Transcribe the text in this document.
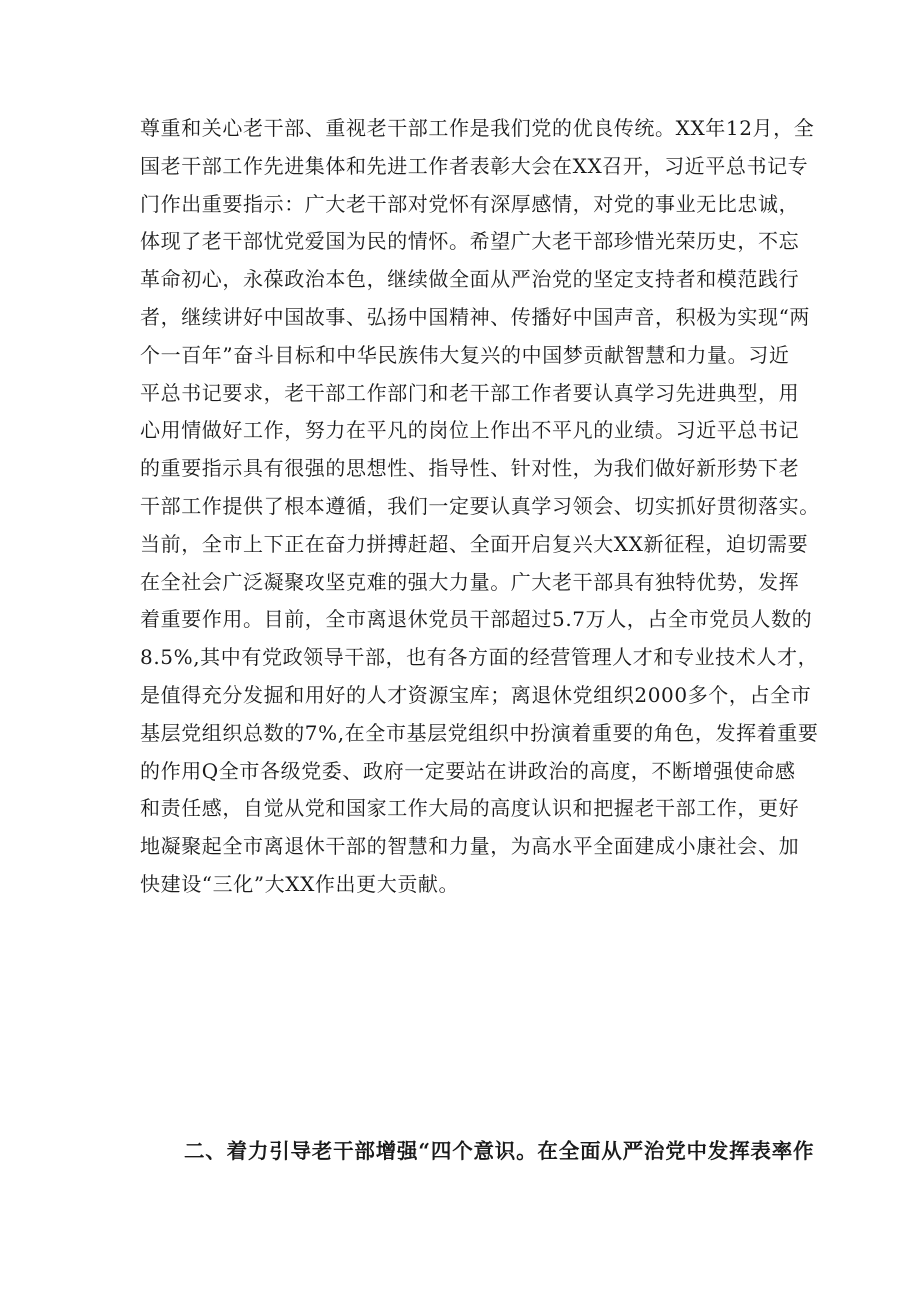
尊重和关心老干部、重视老干部工作是我们党的优良传统。XX年12月，全
国老干部工作先进集体和先进工作者表彰大会在XX召开，习近平总书记专
门作出重要指示：广大老干部对党怀有深厚感情，对党的事业无比忠诚，
体现了老干部忧党爱国为民的情怀。希望广大老干部珍惜光荣历史，不忘
革命初心，永葆政治本色，继续做全面从严治党的坚定支持者和模范践行
者，继续讲好中国故事、弘扬中国精神、传播好中国声音，积极为实现“两
个一百年”奋斗目标和中华民族伟大复兴的中国梦贡献智慧和力量。习近
平总书记要求，老干部工作部门和老干部工作者要认真学习先进典型，用
心用情做好工作，努力在平凡的岗位上作出不平凡的业绩。习近平总书记
的重要指示具有很强的思想性、指导性、针对性，为我们做好新形势下老
干部工作提供了根本遵循，我们一定要认真学习领会、切实抓好贯彻落实。
当前，全市上下正在奋力拼搏赶超、全面开启复兴大XX新征程，迫切需要
在全社会广泛凝聚攻坚克难的强大力量。广大老干部具有独特优势，发挥
着重要作用。目前，全市离退休党员干部超过5.7万人，占全市党员人数的
8.5%,其中有党政领导干部，也有各方面的经营管理人才和专业技术人才，
是值得充分发掘和用好的人才资源宝库；离退休党组织2000多个，占全市
基层党组织总数的7%,在全市基层党组织中扮演着重要的角色，发挥着重要
的作用Q全市各级党委、政府一定要站在讲政治的高度，不断增强使命感
和责任感，自觉从党和国家工作大局的高度认识和把握老干部工作，更好
地凝聚起全市离退休干部的智慧和力量，为高水平全面建成小康社会、加
快建设“三化”大XX作出更大贡献。
二、着力引导老干部增强“四个意识。在全面从严治党中发挥表率作
